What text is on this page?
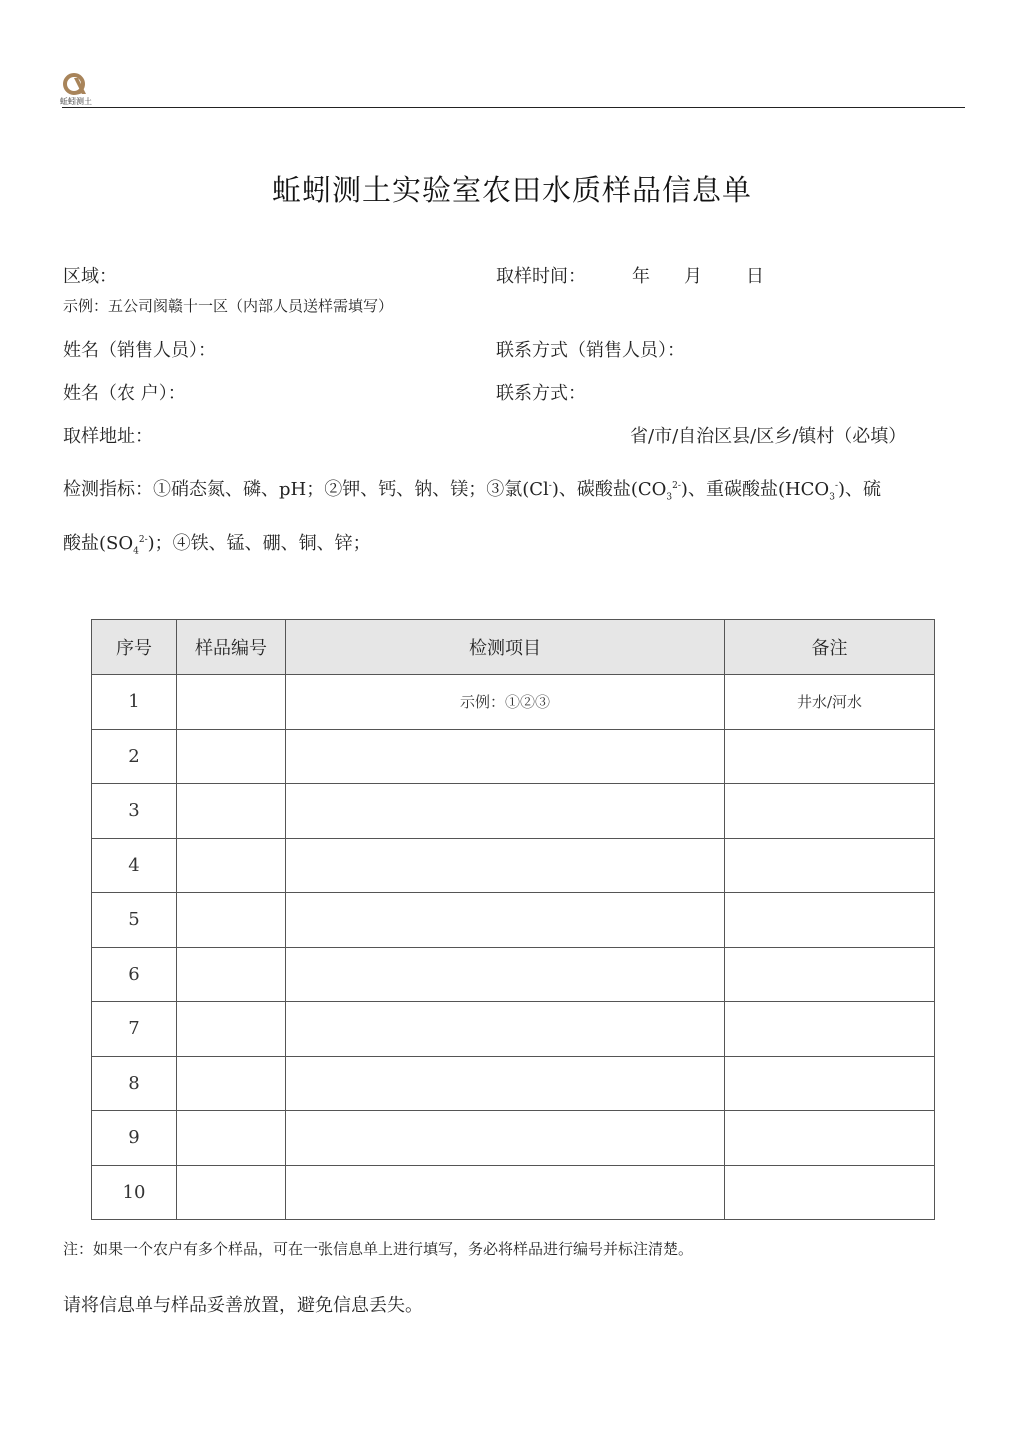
蚯蚓测土
蚯蚓测土实验室农田水质样品信息单
区域：	取样时间：	年 月 日
示例：五公司阂赣十一区（内部人员送样需填写）
姓名（销售人员）：	联系方式（销售人员）：
姓名（农 户）：	联系方式：
取样地址：	省/市/自治区县/区乡/镇村（必填）
检测指标：①硝态氮、磷、pH；②钾、钙、钠、镁；③氯(Cl-)、碳酸盐$(CO_3^{2-})$、重碳酸盐$(HCO_3^-)$、硫
酸盐$(SO_4^{2-})$；④铁、锰、硼、铜、锌；
序号	样品编号	检测项目	备注
1		示例：①②③	井水/河水
2			
3			
4			
5			
6			
7			
8			
9			
10			
注：如果一个农户有多个样品，可在一张信息单上进行填写，务必将样品进行编号并标注清楚。
请将信息单与样品妥善放置，避免信息丢失。
